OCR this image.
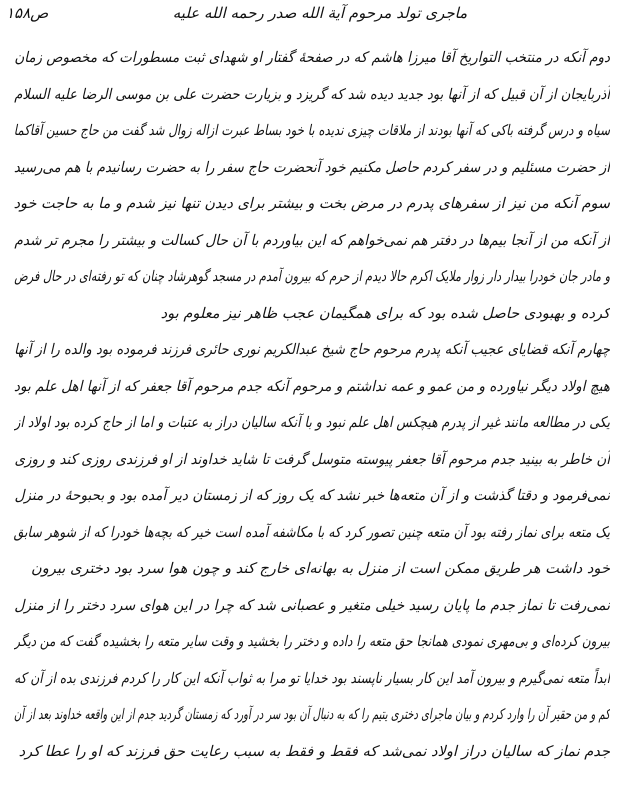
ص۱۵۸	ماجری تولد مرحوم آیة الله صدر رحمه الله علیه
دوم آنکه در منتخب التواریخ آقا میرزا هاشم که در صفحهٔ گفتار او شهدای ثبت مسطورات که مخصوص زمان
آذربایجان از آن قبیل که از آنها بود جدید دیده شد که گریزد و بزیارت حضرت علی بن موسی الرضا علیه السلام
سیاه و درس گرفته باکی که آنها بودند از ملاقات چیزی ندیده با خود بساط عبرت ازاله زوال شد گفت من حاج حسین آقاکما
از حضرت مسئلیم و در سفر کردم حاصل مکنیم خود آنحضرت حاج سفر را به حضرت رسانیدم با هم می‌رسید
سوم آنکه من نیز از سفرهای پدرم در مرض بخت و بیشتر برای دیدن تنها نیز شدم و ما به حاجت خود
از آنکه من از آنجا بیم‌ها در دفتر هم نمی‌خواهم که این بیاوردم با آن حال کسالت و بیشتر را مجرم تر شدم
و مادر جان خودرا بیدار دار زوار ملایک اکرم حالا دیدم از حرم که بیرون آمدم در مسجد گوهرشاد چنان که تو رفته‌ای در حال فرض
کرده و بهبودی حاصل شده بود که برای همگیمان عجب ظاهر نیز معلوم بود
چهارم آنکه قضایای عجیب آنکه پدرم مرحوم حاج شیخ عبدالکریم نوری حائری فرزند فرموده بود والده را از آنها
هیچ اولاد دیگر نیاورده و من عمو و عمه نداشتم و مرحوم آنکه جدم مرحوم آقا جعفر که از آنها اهل علم بود
یکی در مطالعه مانند غیر از پدرم هیچکس اهل علم نبود و با آنکه سالیان دراز به عتبات و اما از حاج کرده بود اولاد از
آن خاطر به بینید جدم مرحوم آقا جعفر پیوسته متوسل گرفت تا شاید خداوند از او فرزندی روزی کند و روزی
نمی‌فرمود و دقتا گذشت و از آن متعه‌ها خبر نشد که یک روز که از زمستان دیر آمده بود و بحبوحهٔ در منزل
یک متعه برای نماز رفته بود آن متعه چنین تصور کرد که با مکاشفه آمده است خیر که بچه‌ها خودرا که از شوهر سابق
خود داشت هر طریق ممکن است از منزل به بهانه‌ای خارج کند و چون هوا سرد بود دختری بیرون
نمی‌رفت تا نماز جدم ما پایان رسید خیلی متغیر و عصبانی شد که چرا در این هوای سرد دختر را از منزل
بیرون کرده‌ای و بی‌مهری نمودی همانجا حق متعه را داده و دختر را بخشید و وقت سایر متعه را بخشیده گفت که من دیگر
ابداً متعه نمی‌گیرم و بیرون آمد این کار بسیار ناپسند بود خدایا تو مرا به ثواب آنکه این کار را کردم فرزندی بده از آن که
کم و من حقیر آن را وارد کردم و بیان ماجرای دختری یتیم را که به دنبال آن بود سر در آورد که زمستان گردید جدم از این واقعه خداوند بعد از آن
جدم نماز که سالیان دراز اولاد نمی‌شد که فقط و فقط به سبب رعایت حق فرزند که او را عطا کرد
